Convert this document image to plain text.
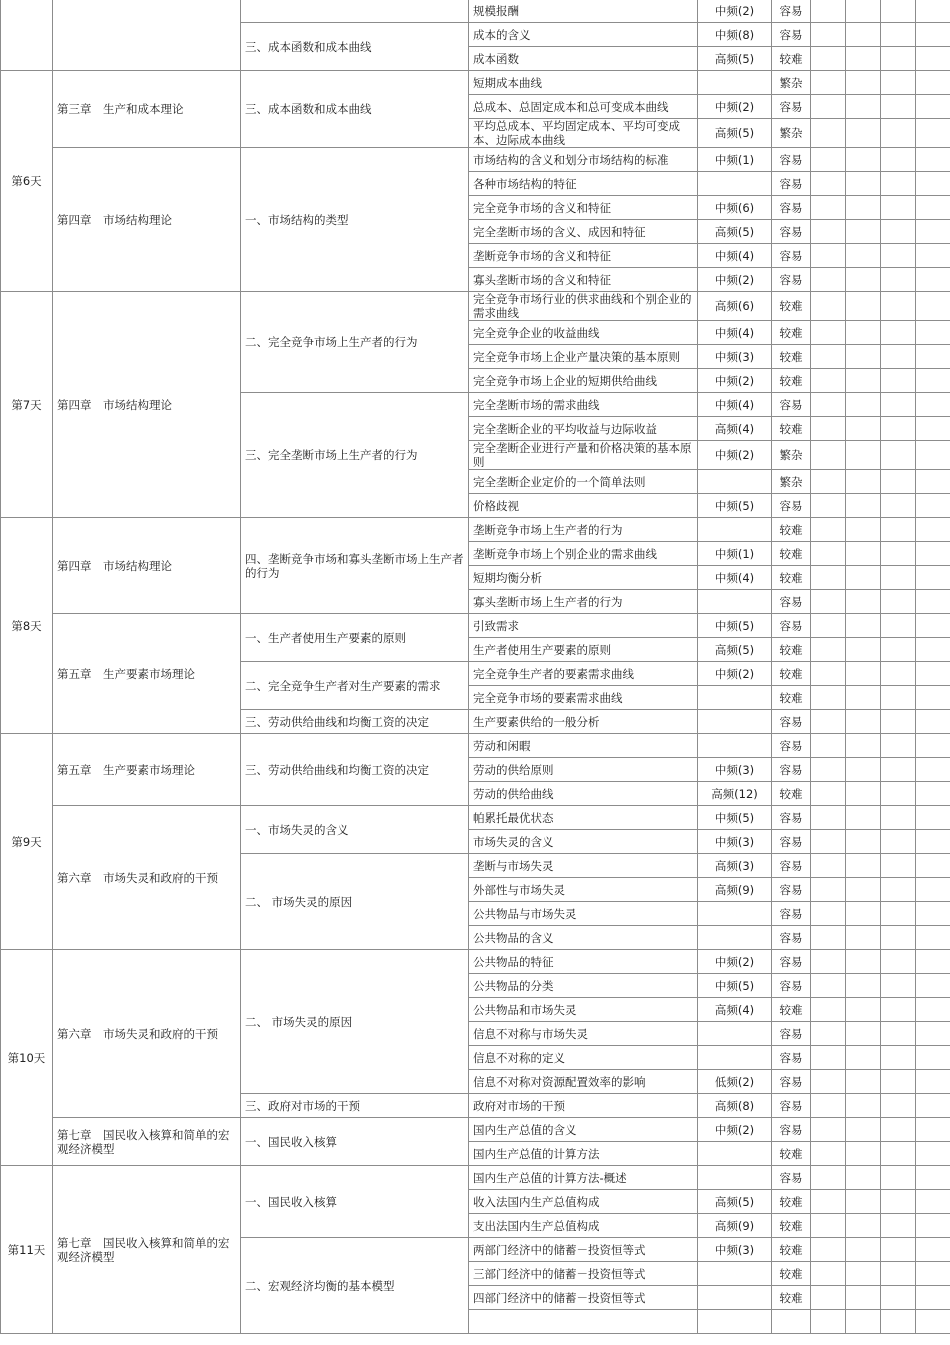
			规模报酬	中频(2)	容易				
		三、成本函数和成本曲线	成本的含义	中频(8)	容易				
			成本函数	高频(5)	较难				
第6天	第三章　生产和成本理论	三、成本函数和成本曲线	短期成本曲线		繁杂				
			总成本、总固定成本和总可变成本曲线	中频(2)	容易				
			平均总成本、平均固定成本、平均可变成本、边际成本曲线	高频(5)	繁杂				
	第四章　市场结构理论	一、市场结构的类型	市场结构的含义和划分市场结构的标准	中频(1)	容易				
			各种市场结构的特征		容易				
			完全竞争市场的含义和特征	中频(6)	容易				
			完全垄断市场的含义、成因和特征	高频(5)	容易				
			垄断竞争市场的含义和特征	中频(4)	容易				
			寡头垄断市场的含义和特征	中频(2)	容易				
第7天	第四章　市场结构理论	二、完全竞争市场上生产者的行为	完全竞争市场行业的供求曲线和个别企业的需求曲线	高频(6)	较难				
			完全竞争企业的收益曲线	中频(4)	较难				
			完全竞争市场上企业产量决策的基本原则	中频(3)	较难				
			完全竞争市场上企业的短期供给曲线	中频(2)	较难				
		三、完全垄断市场上生产者的行为	完全垄断市场的需求曲线	中频(4)	容易				
			完全垄断企业的平均收益与边际收益	高频(4)	较难				
			完全垄断企业进行产量和价格决策的基本原则	中频(2)	繁杂				
			完全垄断企业定价的一个简单法则		繁杂				
			价格歧视	中频(5)	容易				
第8天	第四章　市场结构理论	四、垄断竞争市场和寡头垄断市场上生产者的行为	垄断竞争市场上生产者的行为		较难				
			垄断竞争市场上个别企业的需求曲线	中频(1)	较难				
			短期均衡分析	中频(4)	较难				
			寡头垄断市场上生产者的行为		容易				
	第五章　生产要素市场理论	一、生产者使用生产要素的原则	引致需求	中频(5)	容易				
			生产者使用生产要素的原则	高频(5)	较难				
		二、完全竞争生产者对生产要素的需求	完全竞争生产者的要素需求曲线	中频(2)	较难				
			完全竞争市场的要素需求曲线		较难				
		三、劳动供给曲线和均衡工资的决定	生产要素供给的一般分析		容易				
第9天	第五章　生产要素市场理论	三、劳动供给曲线和均衡工资的决定	劳动和闲暇		容易				
			劳动的供给原则	中频(3)	容易				
			劳动的供给曲线	高频(12)	较难				
	第六章　市场失灵和政府的干预	一、市场失灵的含义	帕累托最优状态	中频(5)	容易				
			市场失灵的含义	中频(3)	容易				
		二、 市场失灵的原因	垄断与市场失灵	高频(3)	容易				
			外部性与市场失灵	高频(9)	容易				
			公共物品与市场失灵		容易				
			公共物品的含义		容易				
第10天	第六章　市场失灵和政府的干预	二、 市场失灵的原因	公共物品的特征	中频(2)	容易				
			公共物品的分类	中频(5)	容易				
			公共物品和市场失灵	高频(4)	较难				
			信息不对称与市场失灵		容易				
			信息不对称的定义		容易				
			信息不对称对资源配置效率的影响	低频(2)	容易				
		三、政府对市场的干预	政府对市场的干预	高频(8)	容易				
	第七章　国民收入核算和简单的宏观经济模型	一、国民收入核算	国内生产总值的含义	中频(2)	容易				
			国内生产总值的计算方法		较难				
第11天	第七章　国民收入核算和简单的宏观经济模型	一、国民收入核算	国内生产总值的计算方法-概述		容易				
			收入法国内生产总值构成	高频(5)	较难				
			支出法国内生产总值构成	高频(9)	较难				
		二、宏观经济均衡的基本模型	两部门经济中的储蓄－投资恒等式	中频(3)	较难				
			三部门经济中的储蓄－投资恒等式		较难				
			四部门经济中的储蓄－投资恒等式		较难				
